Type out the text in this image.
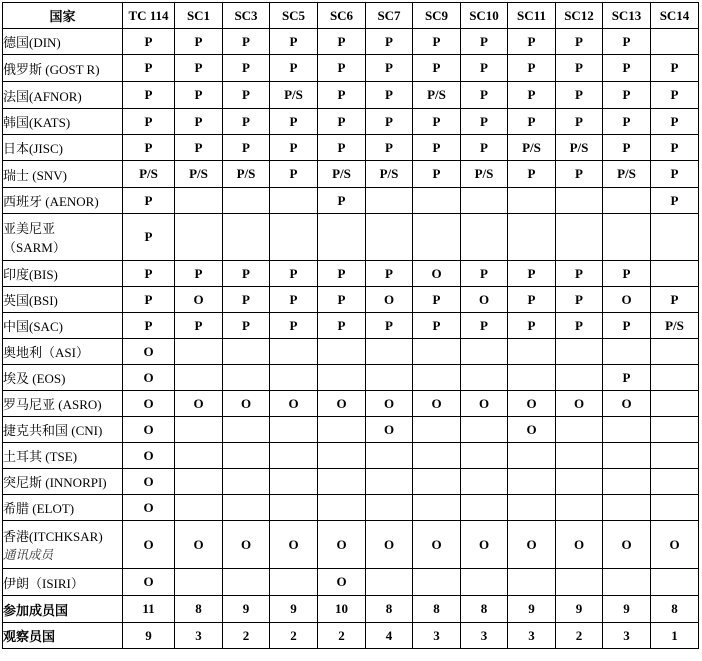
国家	TC 114	SC1	SC3	SC5	SC6	SC7	SC9	SC10	SC11	SC12	SC13	SC14
德国(DIN)	P	P	P	P	P	P	P	P	P	P	P	
俄罗斯 (GOST R)	P	P	P	P	P	P	P	P	P	P	P	P
法国(AFNOR)	P	P	P	P/S	P	P	P/S	P	P	P	P	P
韩国(KATS)	P	P	P	P	P	P	P	P	P	P	P	P
日本(JISC)	P	P	P	P	P	P	P	P	P/S	P/S	P	P
瑞士 (SNV)	P/S	P/S	P/S	P	P/S	P/S	P	P/S	P	P	P/S	P
西班牙 (AENOR)	P				P							P

亚美尼亚
（SARM）	P											
印度(BIS)	P	P	P	P	P	P	O	P	P	P	P	
英国(BSI)	P	O	P	P	P	O	P	O	P	P	O	P
中国(SAC)	P	P	P	P	P	P	P	P	P	P	P	P/S
奥地利（ASI）	O											
埃及 (EOS)	O										P	
罗马尼亚 (ASRO)	O	O	O	O	O	O	O	O	O	O	O	
捷克共和国 (CNI)	O					O			O			
土耳其 (TSE)	O											
突尼斯 (INNORPI)	O											
希腊 (ELOT)	O											

香港(ITCHKSAR)
通讯成员	O	O	O	O	O	O	O	O	O	O	O	O
伊朗（ISIRI）	O				O							
参加成员国	11	8	9	9	10	8	8	8	9	9	9	8
观察员国	9	3	2	2	2	4	3	3	3	2	3	1
